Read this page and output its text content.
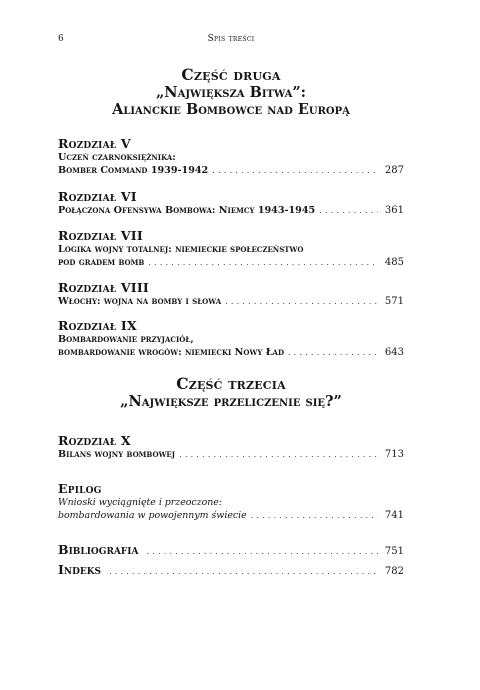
6	Spis treści
Część druga
„Największa Bitwa”:
Alianckie Bombowce nad Europą
Rozdział V
Uczeń czarnoksiężnika:
Bomber Command 1939-1942 .....	287
Rozdział VI
Połączona Ofensywa Bombowa: Niemcy 1943-1945 .....	361
Rozdział VII
Logika wojny totalnej: niemieckie społeczeństwo
pod gradem bomb .....	485
Rozdział VIII
Włochy: wojna na bomby i słowa .....	571
Rozdział IX
Bombardowanie przyjaciół,
bombardowanie wrogów: niemiecki Nowy Ład .....	643
Część trzecia
„Największe przeliczenie się?”
Rozdział X
Bilans wojny bombowej .....	713
Epilog
Wnioski wyciągnięte i przeoczone:
bombardowania w powojennym świecie .....	741
Bibliografia .....	751
Indeks .....	782
